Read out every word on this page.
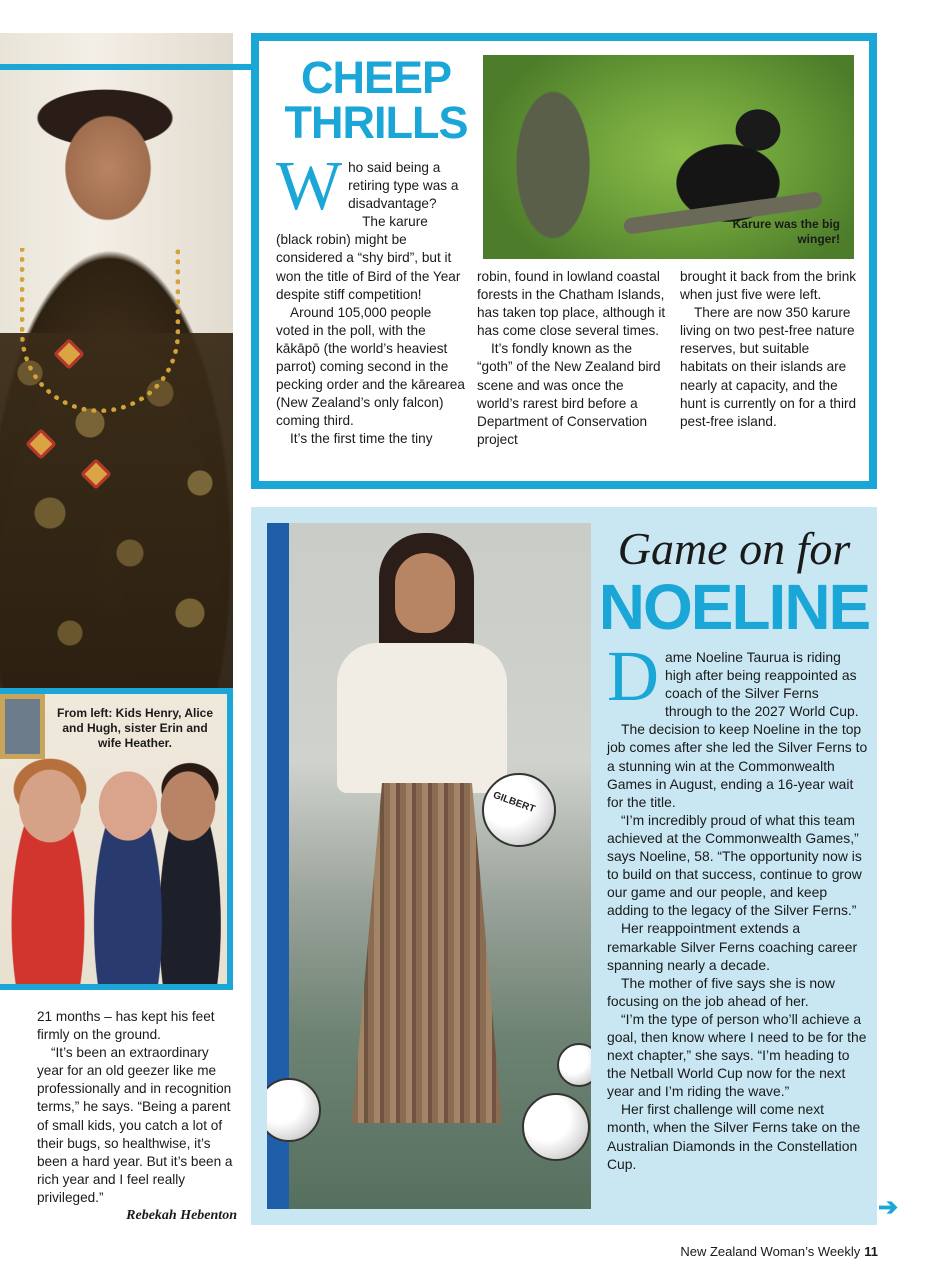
From left: Kids Henry, Alice and Hugh, sister Erin and wife Heather.

21 months – has kept his feet firmly on the ground.

“It’s been an extraordinary year for an old geezer like me professionally and in recognition terms,” he says. “Being a parent of small kids, you catch a lot of their bugs, so healthwise, it’s been a hard year. But it’s been a rich year and I feel really privileged.”

Rebekah Hebenton
CHEEP THRILLS
Karure was the big winger!

Who said being a retiring type was a disadvantage?

The karure (black robin) might be considered a “shy bird”, but it won the title of Bird of the Year despite stiff competition!

Around 105,000 people voted in the poll, with the kākāpō (the world’s heaviest parrot) coming second in the pecking order and the kārearea (New Zealand’s only falcon) coming third.

It’s the first time the tiny

robin, found in lowland coastal forests in the Chatham Islands, has taken top place, although it has come close several times.

It’s fondly known as the “goth” of the New Zealand bird scene and was once the world’s rarest bird before a Department of Conservation project

brought it back from the brink when just five were left.

There are now 350 karure living on two pest-free nature reserves, but suitable habitats on their islands are nearly at capacity, and the hunt is currently on for a third pest-free island.

GILBERT
Game on for
NOELINE

Dame Noeline Taurua is riding high after being reappointed as coach of the Silver Ferns through to the 2027 World Cup.

The decision to keep Noeline in the top job comes after she led the Silver Ferns to a stunning win at the Commonwealth Games in August, ending a 16-year wait for the title.

“I’m incredibly proud of what this team achieved at the Commonwealth Games,” says Noeline, 58. “The opportunity now is to build on that success, continue to grow our game and our people, and keep adding to the legacy of the Silver Ferns.”

Her reappointment extends a remarkable Silver Ferns coaching career spanning nearly a decade.

The mother of five says she is now focusing on the job ahead of her.

“I’m the type of person who’ll achieve a goal, then know where I need to be for the next chapter,” she says. “I’m heading to the Netball World Cup now for the next year and I’m riding the wave.”

Her first challenge will come next month, when the Silver Ferns take on the Australian Diamonds in the Constellation Cup.

➔
New Zealand Woman’s Weekly 11
